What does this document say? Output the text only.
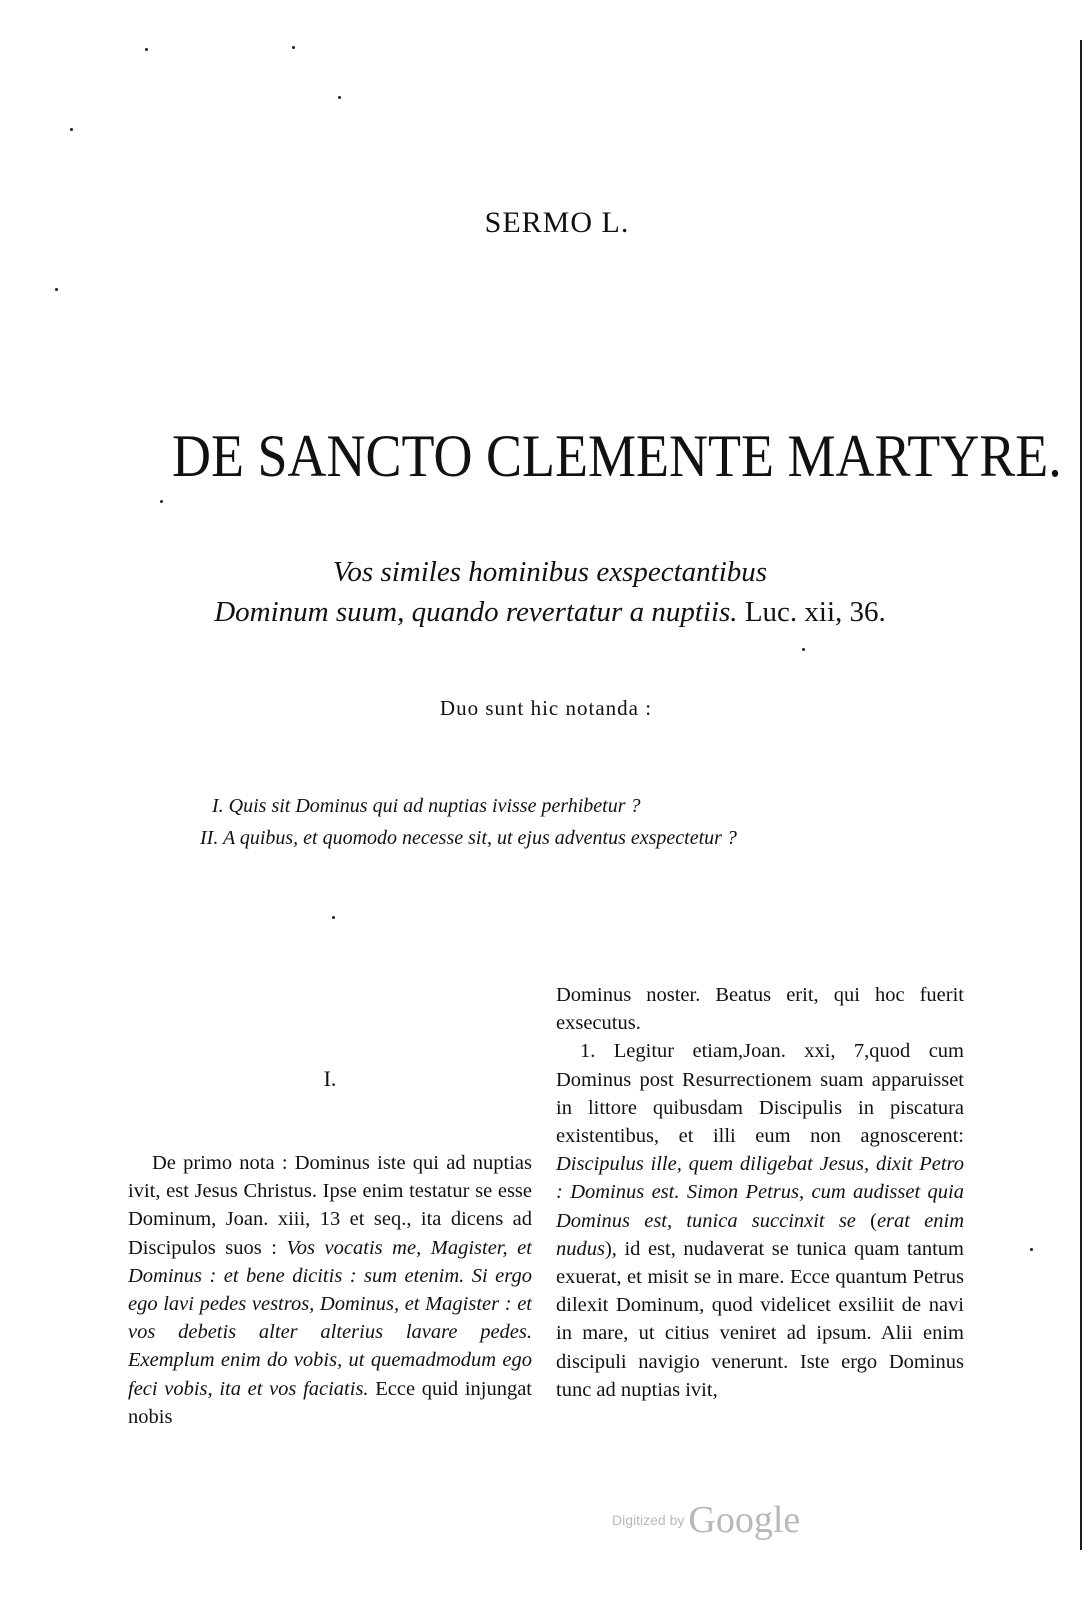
SERMO L.
DE SANCTO CLEMENTE MARTYRE.
Vos similes hominibus exspectantibus
Dominum suum, quando revertatur a nuptiis. Luc. xii, 36.
Duo sunt hic notanda :
I. Quis sit Dominus qui ad nuptias ivisse perhibetur ?
II. A quibus, et quomodo necesse sit, ut ejus adventus exspectetur ?
I.

De primo nota : Dominus iste qui ad nuptias ivit, est Jesus Christus. Ipse enim testatur se esse Dominum, Joan. xiii, 13 et seq., ita dicens ad Discipulos suos : Vos vocatis me, Magister, et Dominus : et bene dicitis : sum etenim. Si ergo ego lavi pedes vestros, Dominus, et Magister : et vos debetis alter alterius lavare pedes. Exemplum enim do vobis, ut quemadmodum ego feci vobis, ita et vos faciatis. Ecce quid injungat nobis

Dominus noster. Beatus erit, qui hoc fuerit exsecutus.

1. Legitur etiam,Joan. xxi, 7,quod cum Dominus post Resurrectionem suam apparuisset in littore quibusdam Discipulis in piscatura existentibus, et illi eum non agnoscerent: Discipulus ille, quem diligebat Jesus, dixit Petro : Dominus est. Simon Petrus, cum audisset quia Dominus est, tunica succinxit se (erat enim nudus), id est, nudaverat se tunica quam tantum exuerat, et misit se in mare. Ecce quantum Petrus dilexit Dominum, quod videlicet exsiliit de navi in mare, ut citius veniret ad ipsum. Alii enim discipuli navigio venerunt. Iste ergo Dominus tunc ad nuptias ivit,

Digitized by Google
